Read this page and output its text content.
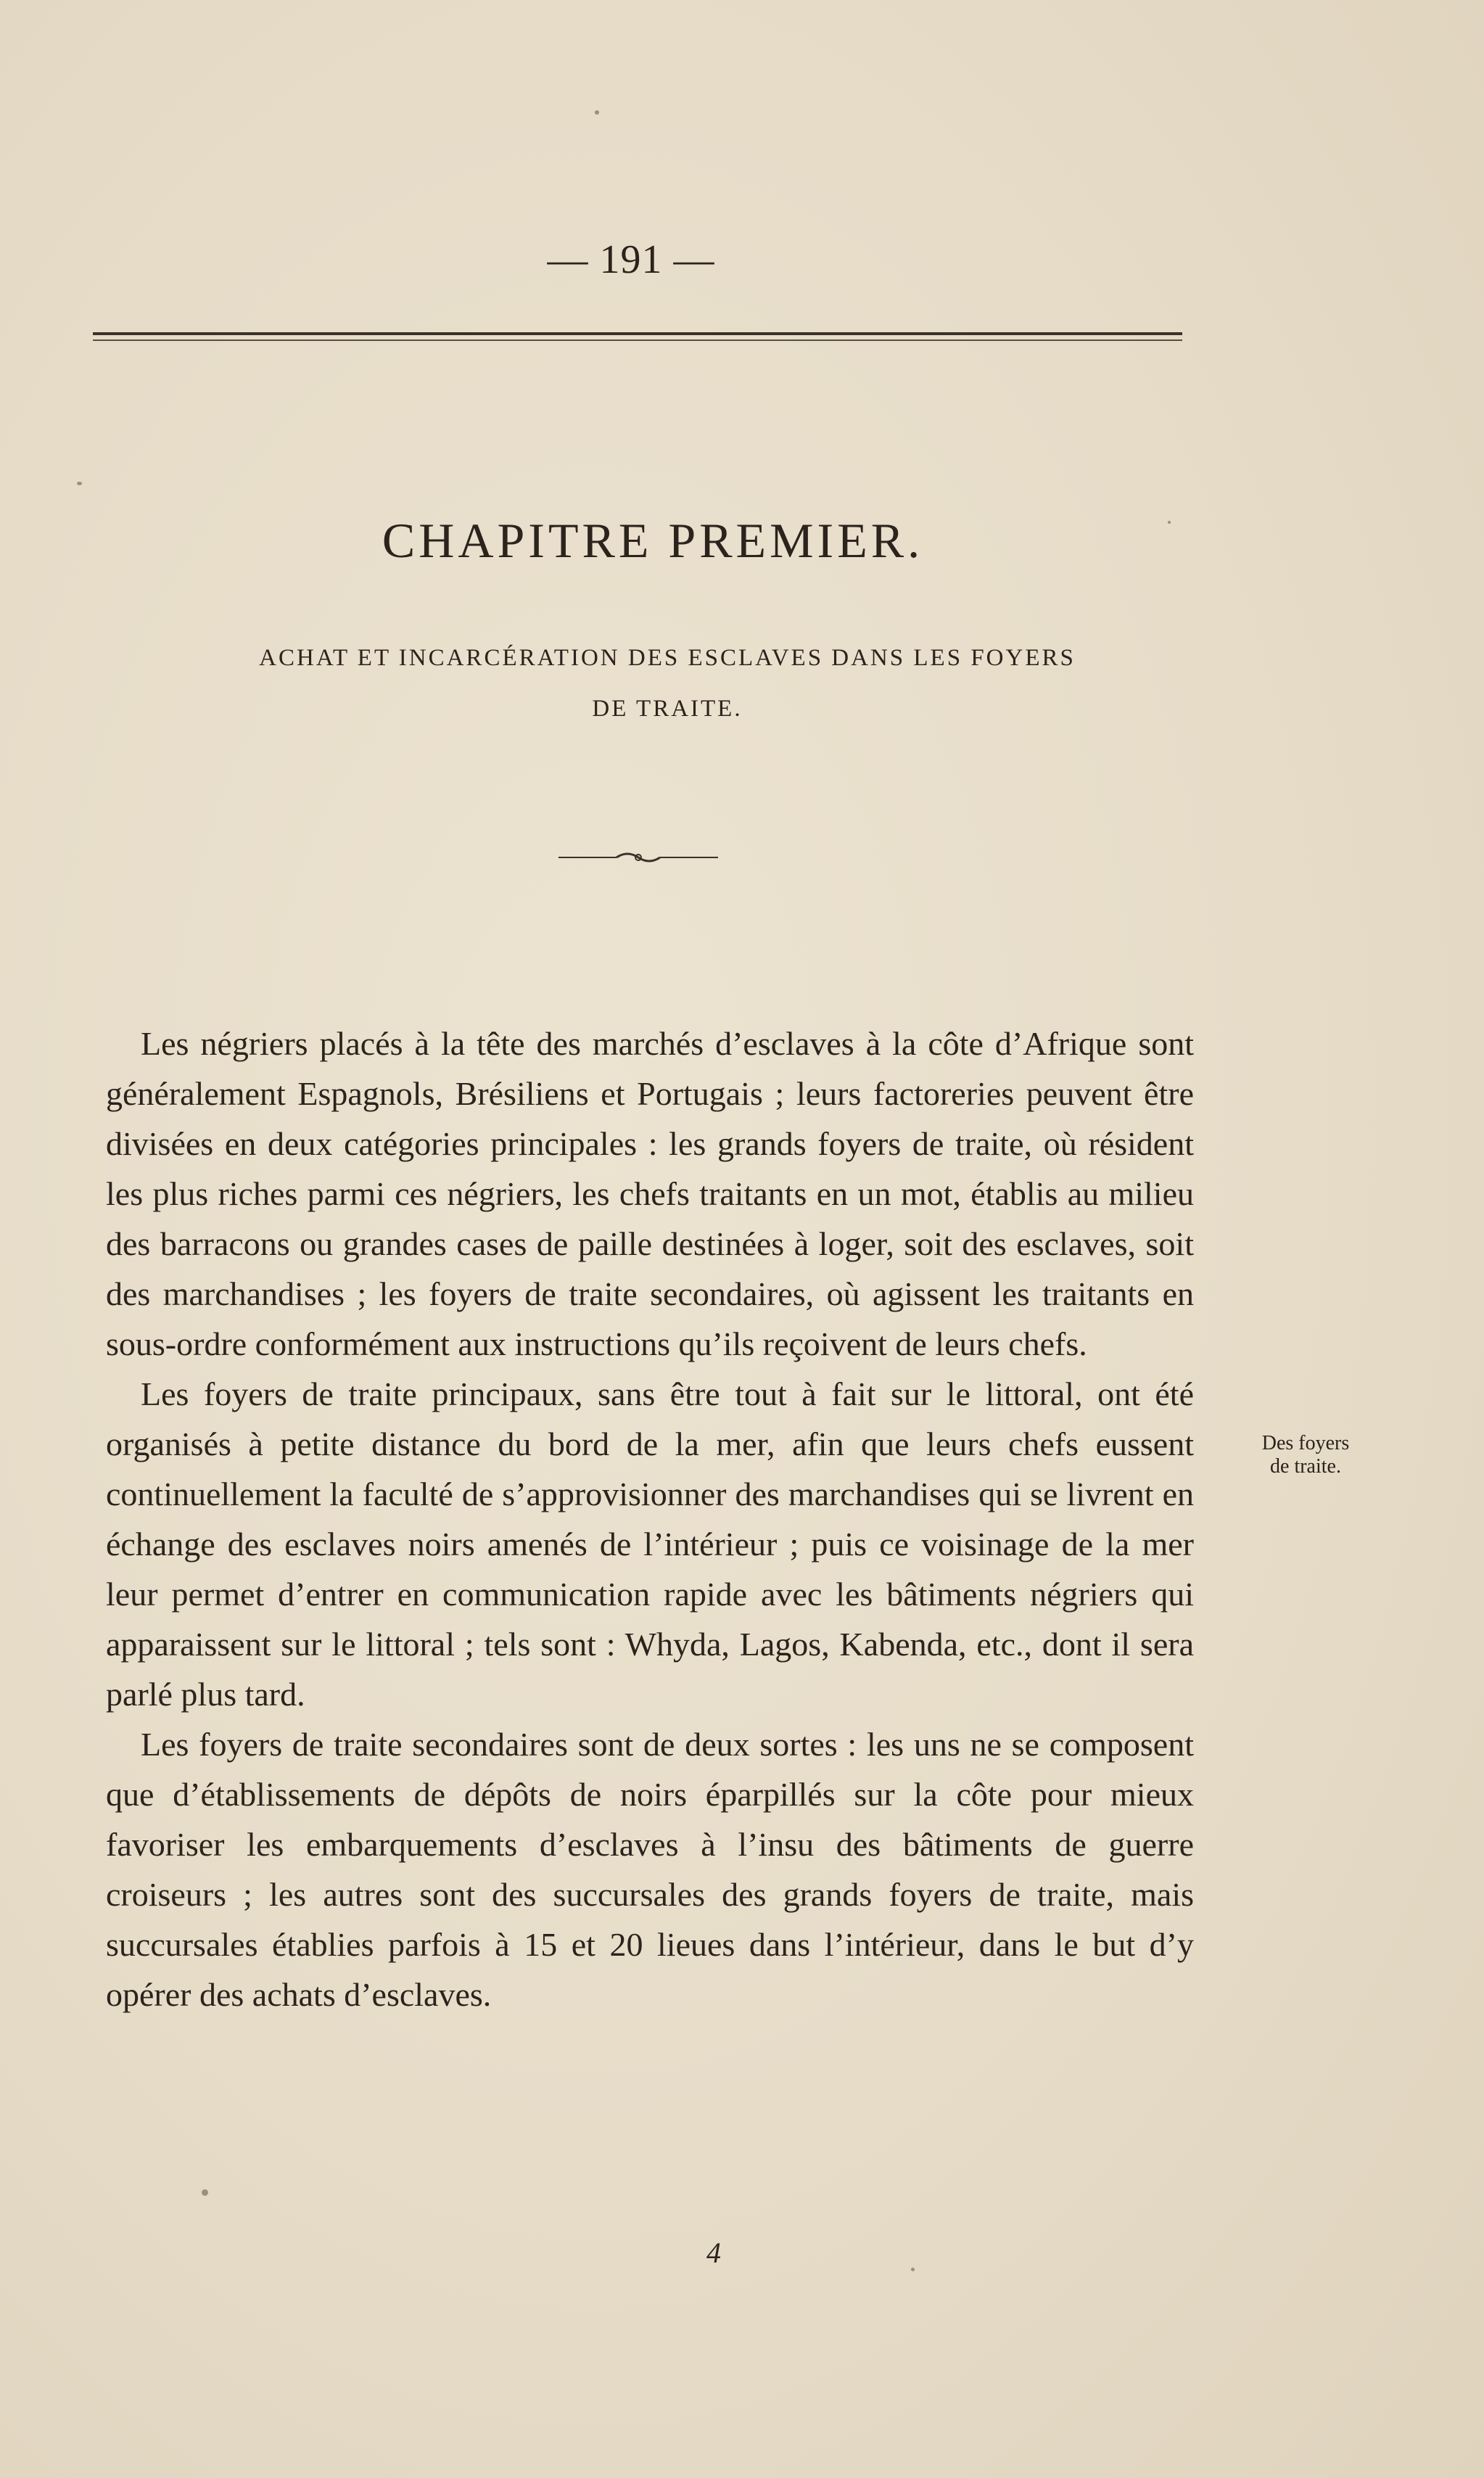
— 191 —
CHAPITRE PREMIER.
ACHAT ET INCARCÉRATION DES ESCLAVES DANS LES FOYERS
DE TRAITE.

Les négriers placés à la tête des marchés d’esclaves à la côte d’Afrique sont généralement Espagnols, Brésiliens et Portugais ; leurs factoreries peuvent être divisées en deux catégories principales : les grands foyers de traite, où résident les plus riches parmi ces négriers, les chefs traitants en un mot, établis au milieu des barracons ou grandes cases de paille destinées à loger, soit des esclaves, soit des marchandises ; les foyers de traite secondaires, où agissent les traitants en sous-ordre conformément aux instructions qu’ils reçoivent de leurs chefs.

Les foyers de traite principaux, sans être tout à fait sur le littoral, ont été organisés à petite distance du bord de la mer, afin que leurs chefs eussent continuellement la faculté de s’approvisionner des marchandises qui se livrent en échange des esclaves noirs amenés de l’intérieur ; puis ce voisinage de la mer leur permet d’entrer en communication rapide avec les bâtiments négriers qui apparaissent sur le littoral ; tels sont : Whyda, Lagos, Kabenda, etc., dont il sera parlé plus tard.

Les foyers de traite secondaires sont de deux sortes : les uns ne se composent que d’établissements de dépôts de noirs éparpillés sur la côte pour mieux favoriser les embarquements d’esclaves à l’insu des bâtiments de guerre croiseurs ; les autres sont des succursales des grands foyers de traite, mais succursales établies parfois à 15 et 20 lieues dans l’intérieur, dans le but d’y opérer des achats d’esclaves.

Des foyers
de traite.
4
